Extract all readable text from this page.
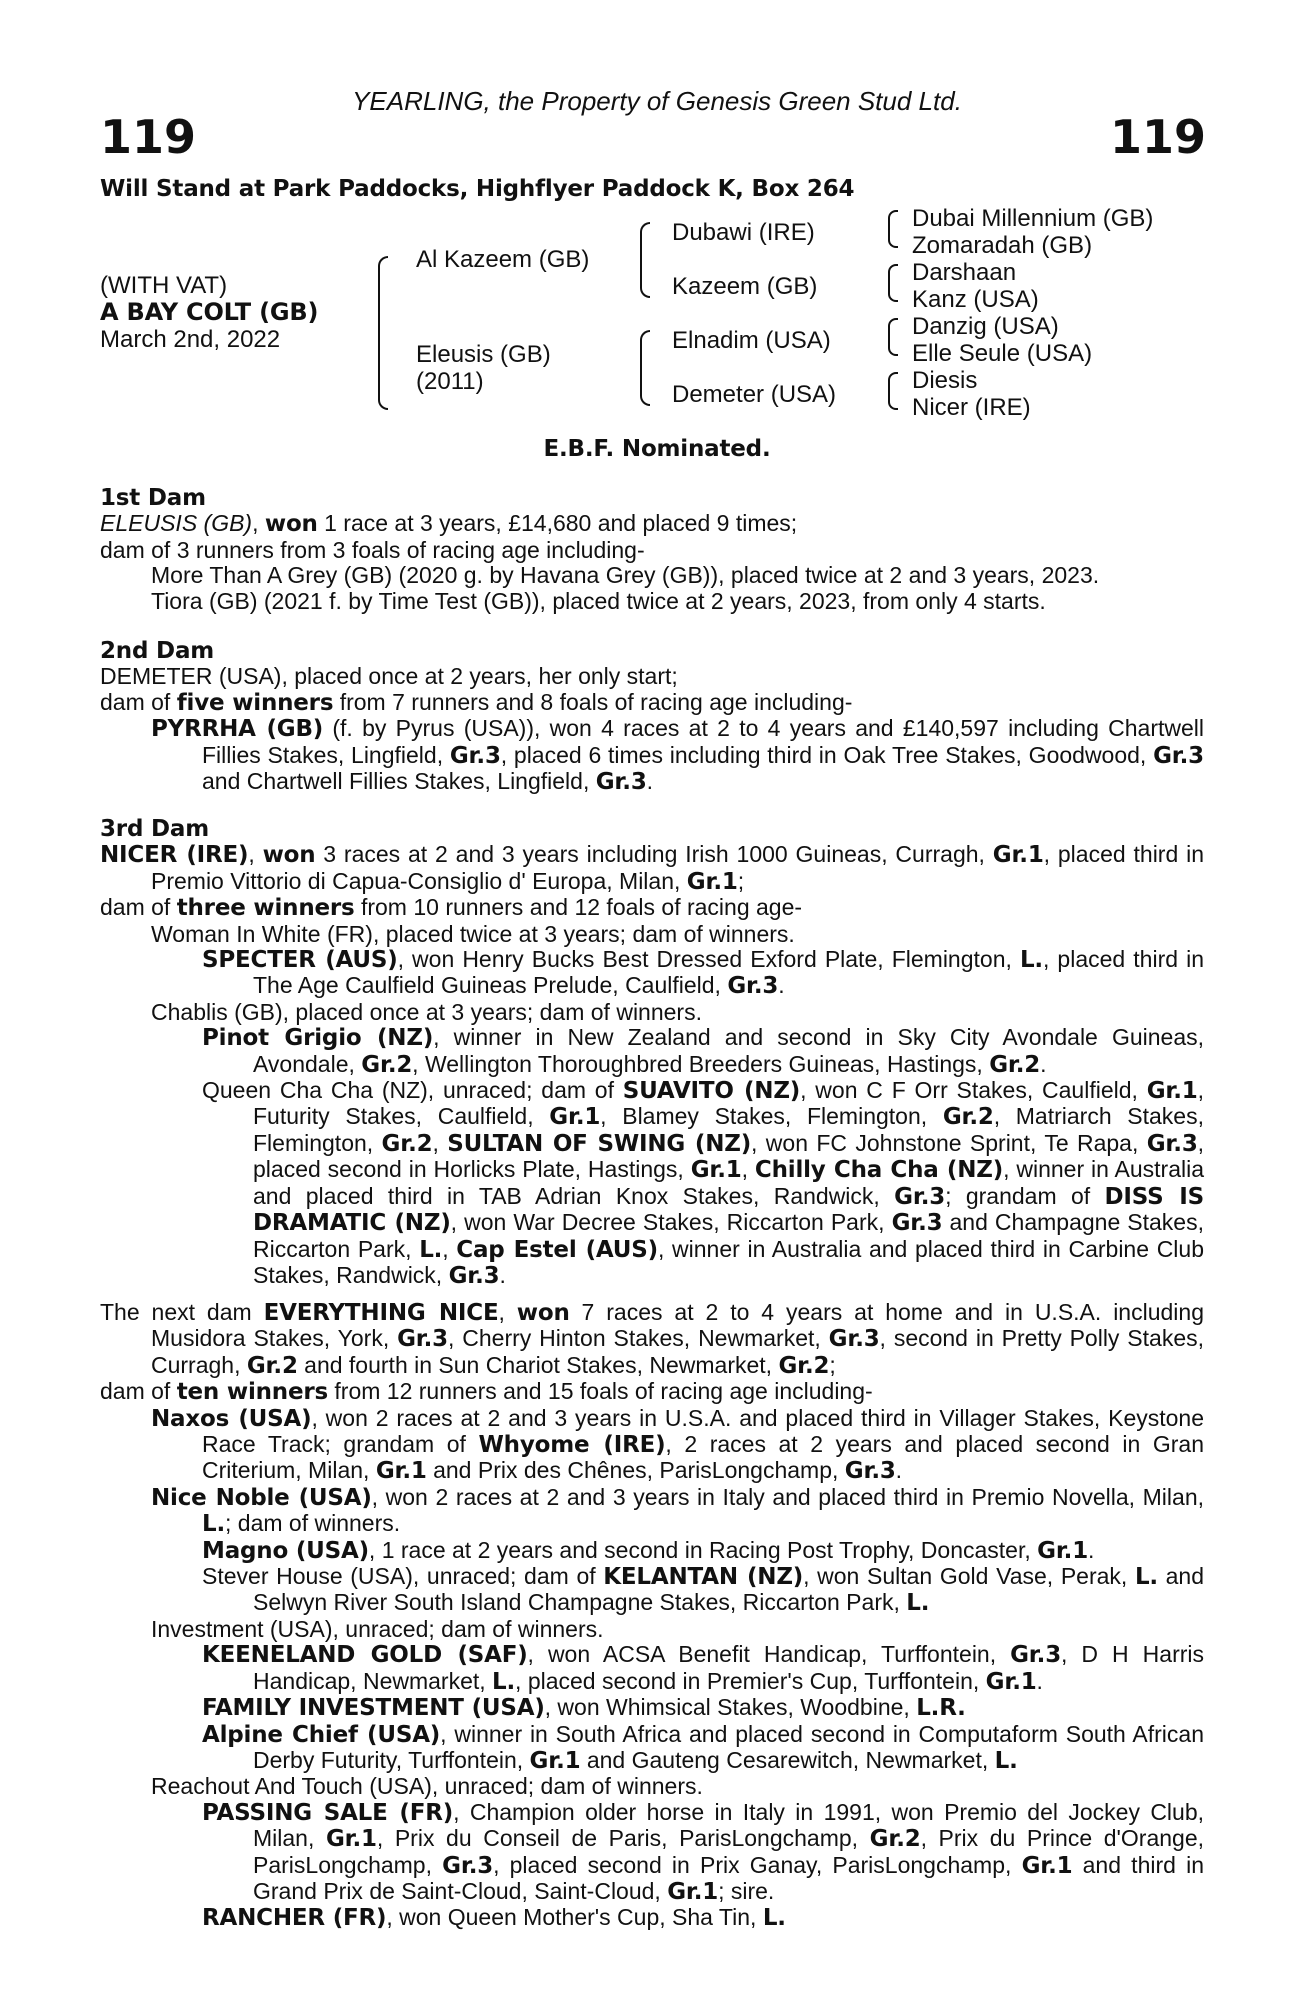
YEARLING, the Property of Genesis Green Stud Ltd.
119	119
Will Stand at Park Paddocks, Highflyer Paddock K, Box 264
(WITH VAT)
A BAY COLT (GB)
March 2nd, 2022
Al Kazeem (GB)
Eleusis (GB)
(2011)
Dubawi (IRE)
Kazeem (GB)
Elnadim (USA)
Demeter (USA)
Dubai Millennium (GB)
Zomaradah (GB)
Darshaan
Kanz (USA)
Danzig (USA)
Elle Seule (USA)
Diesis
Nicer (IRE)
E.B.F. Nominated.

1st Dam

ELEUSIS (GB), won 1 race at 3 years, £14,680 and placed 9 times;

dam of 3 runners from 3 foals of racing age including-

More Than A Grey (GB) (2020 g. by Havana Grey (GB)), placed twice at 2 and 3 years, 2023.

Tiora (GB) (2021 f. by Time Test (GB)), placed twice at 2 years, 2023, from only 4 starts.

2nd Dam

DEMETER (USA), placed once at 2 years, her only start;

dam of five winners from 7 runners and 8 foals of racing age including-

PYRRHA (GB) (f. by Pyrus (USA)), won 4 races at 2 to 4 years and £140,597 including Chartwell Fillies Stakes, Lingfield, Gr.3, placed 6 times including third in Oak Tree Stakes, Goodwood, Gr.3 and Chartwell Fillies Stakes, Lingfield, Gr.3.

3rd Dam

NICER (IRE), won 3 races at 2 and 3 years including Irish 1000 Guineas, Curragh, Gr.1, placed third in Premio Vittorio di Capua-Consiglio d' Europa, Milan, Gr.1;

dam of three winners from 10 runners and 12 foals of racing age-

Woman In White (FR), placed twice at 3 years; dam of winners.

SPECTER (AUS), won Henry Bucks Best Dressed Exford Plate, Flemington, L., placed third in The Age Caulfield Guineas Prelude, Caulfield, Gr.3.

Chablis (GB), placed once at 3 years; dam of winners.

Pinot Grigio (NZ), winner in New Zealand and second in Sky City Avondale Guineas, Avondale, Gr.2, Wellington Thoroughbred Breeders Guineas, Hastings, Gr.2.

Queen Cha Cha (NZ), unraced; dam of SUAVITO (NZ), won C F Orr Stakes, Caulfield, Gr.1, Futurity Stakes, Caulfield, Gr.1, Blamey Stakes, Flemington, Gr.2, Matriarch Stakes, Flemington, Gr.2, SULTAN OF SWING (NZ), won FC Johnstone Sprint, Te Rapa, Gr.3, placed second in Horlicks Plate, Hastings, Gr.1, Chilly Cha Cha (NZ), winner in Australia and placed third in TAB Adrian Knox Stakes, Randwick, Gr.3; grandam of DISS IS DRAMATIC (NZ), won War Decree Stakes, Riccarton Park, Gr.3 and Champagne Stakes, Riccarton Park, L., Cap Estel (AUS), winner in Australia and placed third in Carbine Club Stakes, Randwick, Gr.3.

The next dam EVERYTHING NICE, won 7 races at 2 to 4 years at home and in U.S.A. including Musidora Stakes, York, Gr.3, Cherry Hinton Stakes, Newmarket, Gr.3, second in Pretty Polly Stakes, Curragh, Gr.2 and fourth in Sun Chariot Stakes, Newmarket, Gr.2;

dam of ten winners from 12 runners and 15 foals of racing age including-

Naxos (USA), won 2 races at 2 and 3 years in U.S.A. and placed third in Villager Stakes, Keystone Race Track; grandam of Whyome (IRE), 2 races at 2 years and placed second in Gran Criterium, Milan, Gr.1 and Prix des Chênes, ParisLongchamp, Gr.3.

Nice Noble (USA), won 2 races at 2 and 3 years in Italy and placed third in Premio Novella, Milan, L.; dam of winners.

Magno (USA), 1 race at 2 years and second in Racing Post Trophy, Doncaster, Gr.1.

Stever House (USA), unraced; dam of KELANTAN (NZ), won Sultan Gold Vase, Perak, L. and Selwyn River South Island Champagne Stakes, Riccarton Park, L.

Investment (USA), unraced; dam of winners.

KEENELAND GOLD (SAF), won ACSA Benefit Handicap, Turffontein, Gr.3, D H Harris Handicap, Newmarket, L., placed second in Premier's Cup, Turffontein, Gr.1.

FAMILY INVESTMENT (USA), won Whimsical Stakes, Woodbine, L.R.

Alpine Chief (USA), winner in South Africa and placed second in Computaform South African Derby Futurity, Turffontein, Gr.1 and Gauteng Cesarewitch, Newmarket, L.

Reachout And Touch (USA), unraced; dam of winners.

PASSING SALE (FR), Champion older horse in Italy in 1991, won Premio del Jockey Club, Milan, Gr.1, Prix du Conseil de Paris, ParisLongchamp, Gr.2, Prix du Prince d'Orange, ParisLongchamp, Gr.3, placed second in Prix Ganay, ParisLongchamp, Gr.1 and third in Grand Prix de Saint-Cloud, Saint-Cloud, Gr.1; sire.

RANCHER (FR), won Queen Mother's Cup, Sha Tin, L.
